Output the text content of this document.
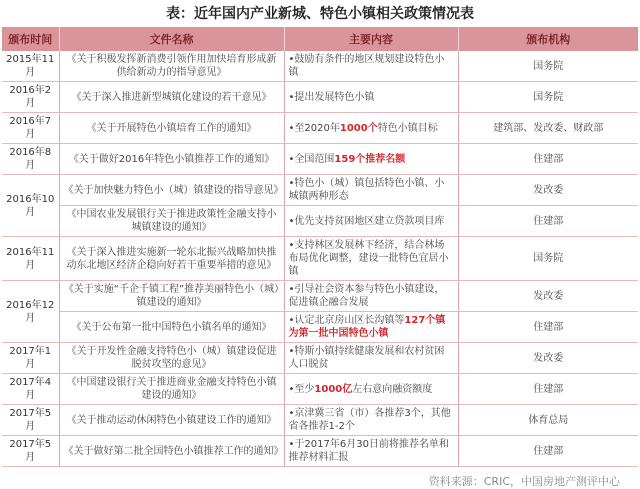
表：近年国内产业新城、特色小镇相关政策情况表
颁布时间	文件名称	主要内容	颁布机构
2015年11月	《关于积极发挥新消费引领作用加快培育形成新供给新动力的指导意见》	•鼓励有条件的地区规划建设特色小镇	国务院
2016年2月	《关于深入推进新型城镇化建设的若干意见》	•提出发展特色小镇	国务院
2016年7月	《关于开展特色小镇培育工作的通知》	•至2020年1000个特色小镇目标	建筑部、发改委、财政部
2016年8月	《关于做好2016年特色小镇推荐工作的通知》	•全国范围159个推荐名额	住建部
2016年10月	《关于加快魅力特色小（城）镇建设的指导意见》	•特色小（城）镇包括特色小镇、小城镇两种形态	发改委
	《中国农业发展银行关于推进政策性金融支持小城镇建设的通知》	•优先支持贫困地区建立贷款项目库	住建部
2016年11月	《关于深入推进实施新一轮东北振兴战略加快推动东北地区经济企稳向好若干重要举措的意见》	•支持林区发展林下经济，结合林场布局优化调整，建设一批特色宜居小镇	国务院
2016年12月	《关于实施“千企千镇工程”推荐美丽特色小（城）镇建设的通知》	•引导社会资本参与特色小镇建设，促进镇企融合发展	发改委
	《关于公布第一批中国特色小镇名单的通知》	•认定北京房山区长沟镇等127个镇为第一批中国特色小镇	住建部
2017年1月	《关于开发性金融支持特色小（城）镇建设促进脱贫攻坚的意见》	•特斯小镇持续健康发展和农村贫困人口脱贫	发改委
2017年4月	《中国建设银行关于推进商业金融支持特色小镇建设的通知》	•至少1000亿左右意向融资额度	住建部
2017年5月	《关于推动运动休闲特色小镇建设工作的通知》	•京津冀三省（市）各推荐3个，其他省各推荐1-2个	体育总局
2017年5月	《关于做好第二批全国特色小镇推荐工作的通知》	•于2017年6月30日前将推荐名单和推荐材料汇报	住建部
资料来源：CRIC，中国房地产测评中心
